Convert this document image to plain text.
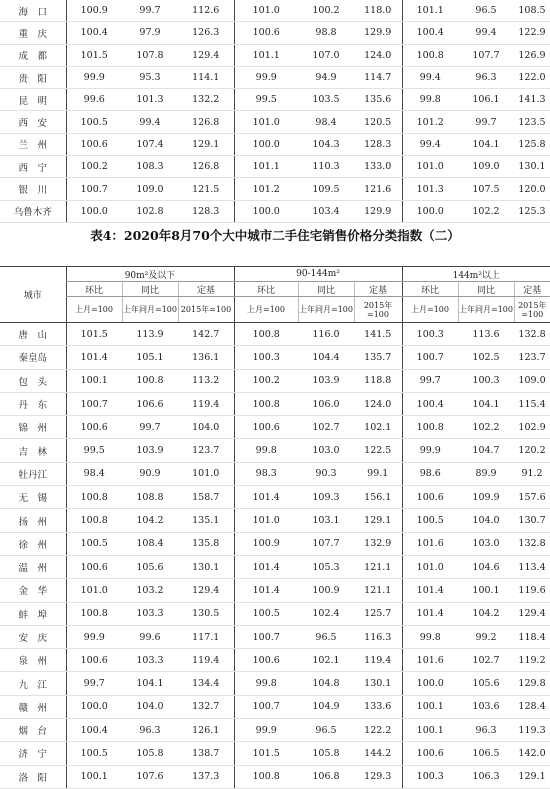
海　口	100.9	99.7	112.6	101.0	100.2	118.0	101.1	96.5	108.5
重　庆	100.4	97.9	126.3	100.6	98.8	129.9	100.4	99.4	122.9
成　都	101.5	107.8	129.4	101.1	107.0	124.0	100.8	107.7	126.9
贵　阳	99.9	95.3	114.1	99.9	94.9	114.7	99.4	96.3	122.0
昆　明	99.6	101.3	132.2	99.5	103.5	135.6	99.8	106.1	141.3
西　安	100.5	99.4	126.8	101.0	98.4	120.5	101.2	99.7	123.5
兰　州	100.6	107.4	129.1	100.0	104.3	128.3	99.4	104.1	125.8
西　宁	100.2	108.3	126.8	101.1	110.3	133.0	101.0	109.0	130.1
银　川	100.7	109.0	121.5	101.2	109.5	121.6	101.3	107.5	120.0
乌鲁木齐	100.0	102.8	128.3	100.0	103.4	129.9	100.0	102.2	125.3
表4：2020年8月70个大中城市二手住宅销售价格分类指数（二）
城市	90m²及以下			90-144m²			144m²以上		
	环比	同比	定基	环比	同比	定基	环比	同比	定基
	上月=100	上年同月=100	2015年=100	上月=100	上年同月=100	2015年=100	上月=100	上年同月=100	2015年=100
唐　山	101.5	113.9	142.7	100.8	116.0	141.5	100.3	113.6	132.8
秦皇岛	101.4	105.1	136.1	100.3	104.4	135.7	100.7	102.5	123.7
包　头	100.1	100.8	113.2	100.2	103.9	118.8	99.7	100.3	109.0
丹　东	100.7	106.6	119.4	100.8	106.0	124.0	100.4	104.1	115.4
锦　州	100.6	99.7	104.0	100.6	102.7	102.1	100.8	102.2	102.9
吉　林	99.5	103.9	123.7	99.8	103.0	122.5	99.9	104.7	120.2
牡丹江	98.4	90.9	101.0	98.3	90.3	99.1	98.6	89.9	91.2
无　锡	100.8	108.8	158.7	101.4	109.3	156.1	100.6	109.9	157.6
扬　州	100.8	104.2	135.1	101.0	103.1	129.1	100.5	104.0	130.7
徐　州	100.5	108.4	135.8	100.9	107.7	132.9	101.6	103.0	132.8
温　州	100.6	105.6	130.1	101.4	105.3	121.1	101.0	104.6	113.4
金　华	101.0	103.2	129.4	101.4	100.9	121.1	101.4	100.1	119.6
蚌　埠	100.8	103.3	130.5	100.5	102.4	125.7	101.4	104.2	129.4
安　庆	99.9	99.6	117.1	100.7	96.5	116.3	99.8	99.2	118.4
泉　州	100.6	103.3	119.4	100.6	102.1	119.4	101.6	102.7	119.2
九　江	99.7	104.1	134.4	99.8	104.8	130.1	100.0	105.6	129.8
赣　州	100.0	104.0	132.7	100.7	104.9	133.6	100.1	103.6	128.4
烟　台	100.4	96.3	126.1	99.9	96.5	122.2	100.1	96.3	119.3
济　宁	100.5	105.8	138.7	101.5	105.8	144.2	100.6	106.5	142.0
洛　阳	100.1	107.6	137.3	100.8	106.8	129.3	100.3	106.3	129.1
